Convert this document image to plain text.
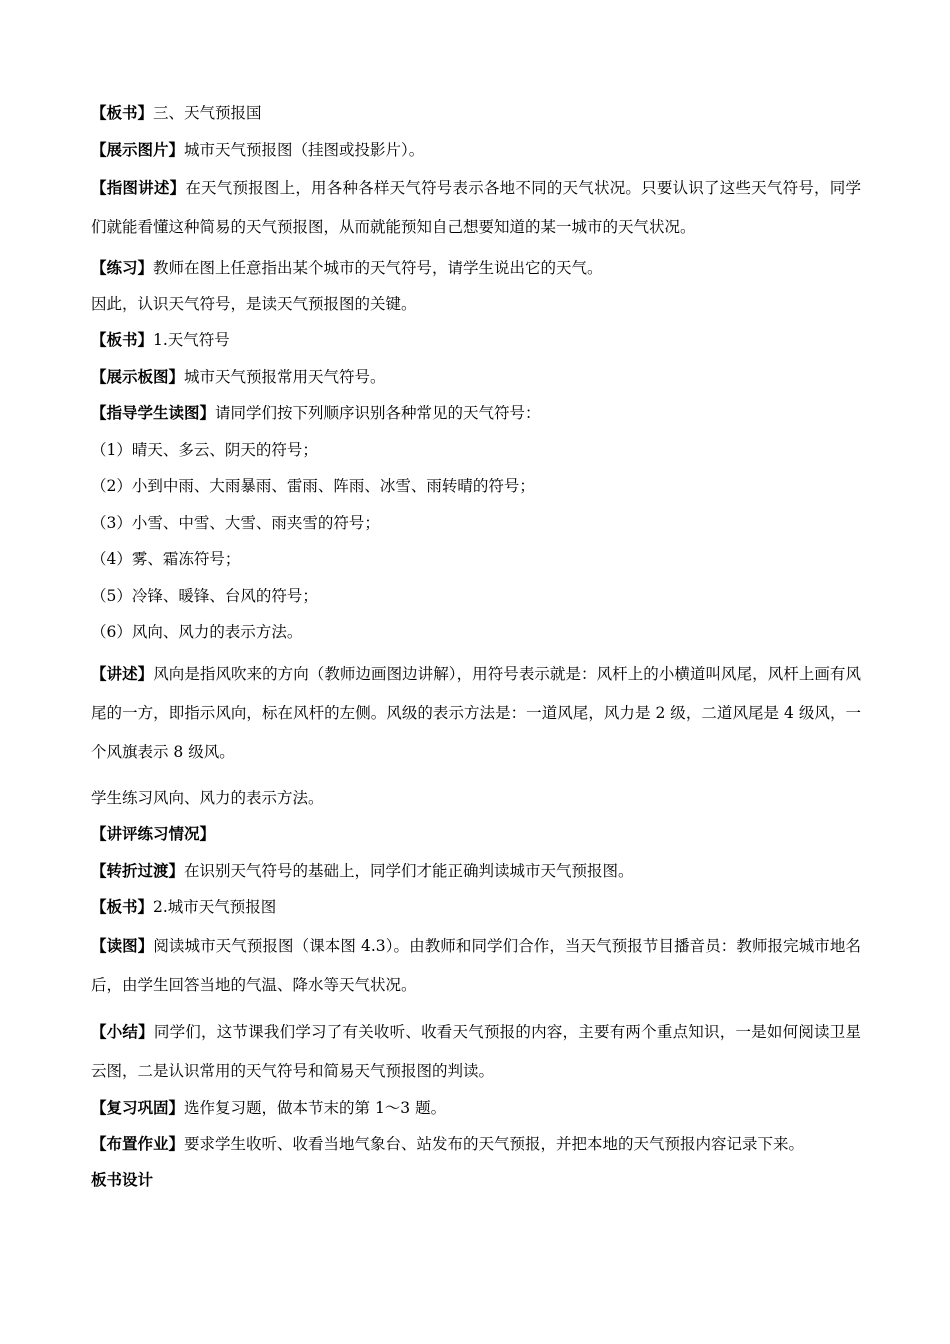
【板书】三、天气预报国
【展示图片】城市天气预报图（挂图或投影片）。
【指图讲述】在天气预报图上，用各种各样天气符号表示各地不同的天气状况。只要认识了这些天气符号，同学们就能看懂这种简易的天气预报图，从而就能预知自己想要知道的某一城市的天气状况。
【练习】教师在图上任意指出某个城市的天气符号，请学生说出它的天气。
因此，认识天气符号，是读天气预报图的关键。
【板书】1.天气符号
【展示板图】城市天气预报常用天气符号。
【指导学生读图】请同学们按下列顺序识别各种常见的天气符号：
（1）晴天、多云、阴天的符号；
（2）小到中雨、大雨暴雨、雷雨、阵雨、冰雪、雨转晴的符号；
（3）小雪、中雪、大雪、雨夹雪的符号；
（4）雾、霜冻符号；
（5）冷锋、暖锋、台风的符号；
（6）风向、风力的表示方法。
【讲述】风向是指风吹来的方向（教师边画图边讲解），用符号表示就是：风杆上的小横道叫风尾，风杆上画有风尾的一方，即指示风向，标在风杆的左侧。风级的表示方法是：一道风尾，风力是 2 级，二道风尾是 4 级风，一个风旗表示 8 级风。
学生练习风向、风力的表示方法。
【讲评练习情况】
【转折过渡】在识别天气符号的基础上，同学们才能正确判读城市天气预报图。
【板书】2.城市天气预报图
【读图】阅读城市天气预报图（课本图 4.3）。由教师和同学们合作，当天气预报节目播音员：教师报完城市地名后，由学生回答当地的气温、降水等天气状况。
【小结】同学们，这节课我们学习了有关收听、收看天气预报的内容，主要有两个重点知识，一是如何阅读卫星云图，二是认识常用的天气符号和简易天气预报图的判读。
【复习巩固】选作复习题，做本节末的第 1～3 题。
【布置作业】要求学生收听、收看当地气象台、站发布的天气预报，并把本地的天气预报内容记录下来。
板书设计
